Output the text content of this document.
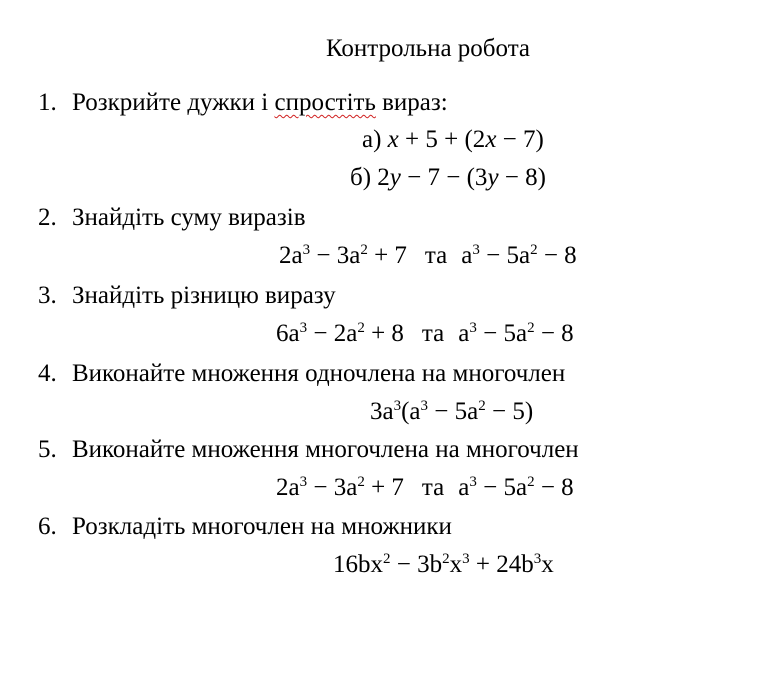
Контрольна робота
1. Розкрийте дужки і спростіть вираз:
а) x + 5 + (2x − 7)
б) 2y − 7 − (3y − 8)
2. Знайдіть суму виразів
$2a^3 - 3a^2 + 7$ та $a^3 - 5a^2 - 8$
3. Знайдіть різницю виразу
$6a^3 - 2a^2 + 8$ та $a^3 - 5a^2 - 8$
4. Виконайте множення одночлена на многочлен
$3a^3(a^3 - 5a^2 - 5)$
5. Виконайте множення многочлена на многочлен
$2a^3 - 3a^2 + 7$ та $a^3 - 5a^2 - 8$
6. Розкладіть многочлен на множники
$16bx^2 - 3b^2x^3 + 24b^3x$
